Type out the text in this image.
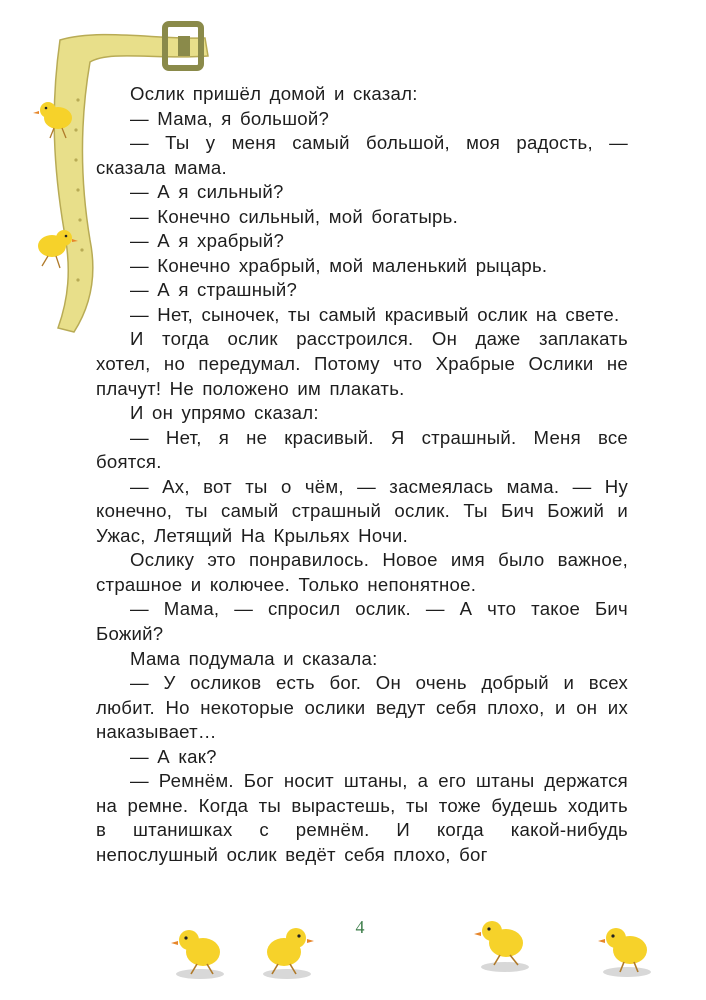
Ослик пришёл домой и сказал:

— Мама, я большой?

— Ты у меня самый большой, моя радость, — сказала мама.

— А я сильный?

— Конечно сильный, мой богатырь.

— А я храбрый?

— Конечно храбрый, мой маленький рыцарь.

— А я страшный?

— Нет, сыночек, ты самый красивый ослик на свете.

И тогда ослик расстроился. Он даже заплакать хотел, но передумал. Потому что Храбрые Ослики не плачут! Не положено им плакать.

И он упрямо сказал:

— Нет, я не красивый. Я страшный. Меня все боятся.

— Ах, вот ты о чём, — засмеялась мама. — Ну конечно, ты самый страшный ослик. Ты Бич Божий и Ужас, Летящий На Крыльях Ночи.

Ослику это понравилось. Новое имя было важное, страшное и колючее. Только непонятное.

— Мама, — спросил ослик. — А что такое Бич Божий?

Мама подумала и сказала:

— У осликов есть бог. Он очень добрый и всех любит. Но некоторые ослики ведут себя плохо, и он их наказывает…

— А как?

— Ремнём. Бог носит штаны, а его штаны держатся на ремне. Когда ты вырастешь, ты тоже будешь ходить в штанишках с ремнём. И когда какой-нибудь непослушный ослик ведёт себя плохо, бог

4
